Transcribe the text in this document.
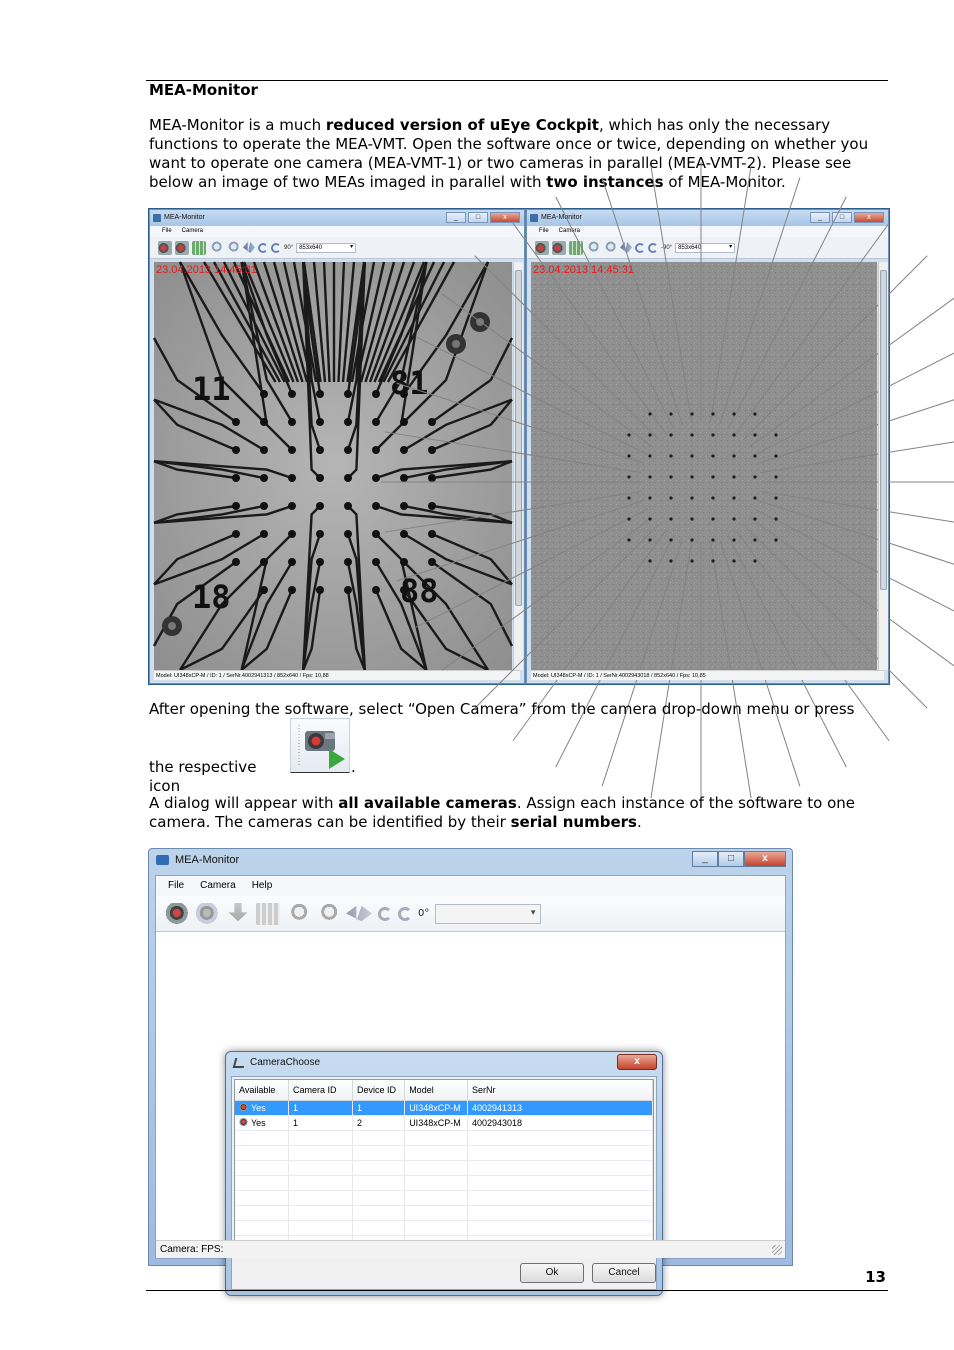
MEA-Monitor
MEA-Monitor is a much reduced version of uEye Cockpit, which has only the necessary functions to operate the MEA-VMT. Open the software once or twice, depending on whether you want to operate one camera (MEA-VMT-1) or two cameras in parallel (MEA-VMT-2). Please see below an image of two MEAs imaged in parallel with two instances of MEA-Monitor.
MEA-Monitor	_	□	x
File Camera
90°	853x640 ▾
11	81
18	88
23.04.2013 14:45:31
Model: UI348xCP-M / ID: 1 / SerNr.4002941313 / 852x640 / Fps: 10,88
MEA-Monitor	_	□	x
File Camera
-90°	853x640 ▾
23.04.2013 14:45:31
Model: UI348xCP-M / ID: 1 / SerNr.4002943018 / 852x640 / Fps: 10,85
After opening the software, select “Open Camera” from the camera drop-down menu or press
the respective icon
.
A dialog will appear with all available cameras. Assign each instance of the software to one camera. The cameras can be identified by their serial numbers.
MEA-Monitor	_	□	x
File Camera Help
0°
▾
CameraChoose	x
Available	Camera ID	Device ID	Model	SerNr
Yes	1	1	UI348xCP-M	4002941313
Yes	1	2	UI348xCP-M	4002943018

Ok	Cancel
Camera: FPS:
13
